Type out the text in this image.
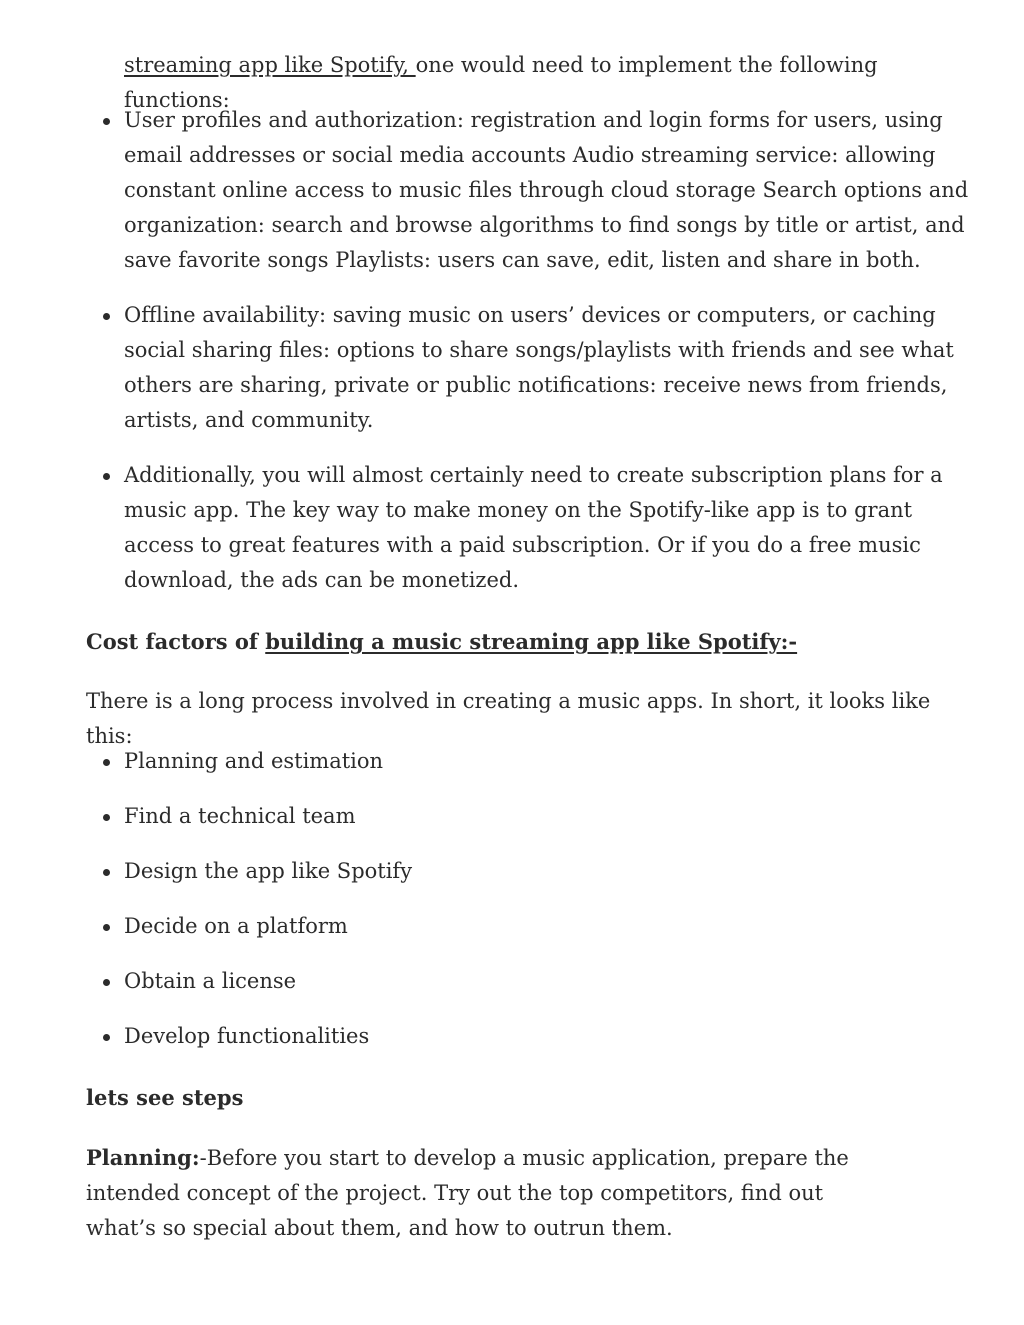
streaming app like Spotify, one would need to implement the following functions:

User profiles and authorization: registration and login forms for users, using email addresses or social media accounts Audio streaming service: allowing constant online access to music files through cloud storage Search options and organization: search and browse algorithms to find songs by title or artist, and save favorite songs Playlists: users can save, edit, listen and share in both.
Offline availability: saving music on users’ devices or computers, or caching social sharing files: options to share songs/playlists with friends and see what others are sharing, private or public notifications: receive news from friends, artists, and community.
Additionally, you will almost certainly need to create subscription plans for a music app. The key way to make money on the Spotify-like app is to grant access to great features with a paid subscription. Or if you do a free music download, the ads can be monetized.

Cost factors of building a music streaming app like Spotify:-

There is a long process involved in creating a music apps. In short, it looks like this:

Planning and estimation
Find a technical team
Design the app like Spotify
Decide on a platform
Obtain a license
Develop functionalities

lets see steps

Planning:-Before you start to develop a music application, prepare the intended concept of the project. Try out the top competitors, find out what’s so special about them, and how to outrun them.
